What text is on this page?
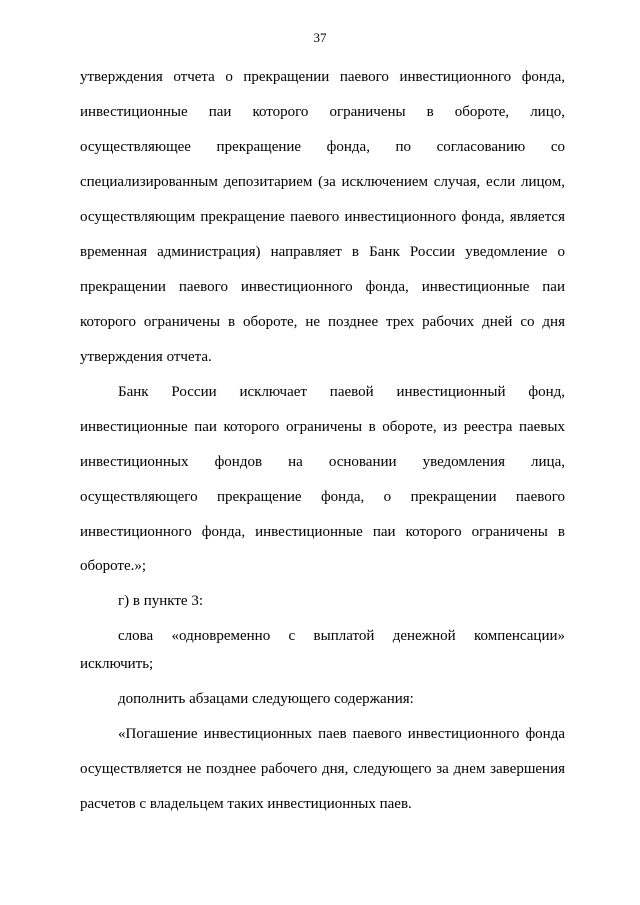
37
утверждения отчета о прекращении паевого инвестиционного фонда,
инвестиционные паи которого ограничены в обороте, лицо,
осуществляющее прекращение фонда, по согласованию со
специализированным депозитарием (за исключением случая, если лицом,
осуществляющим прекращение паевого инвестиционного фонда, является
временная администрация) направляет в Банк России уведомление о
прекращении паевого инвестиционного фонда, инвестиционные паи
которого ограничены в обороте, не позднее трех рабочих дней со дня
утверждения отчета.
Банк России исключает паевой инвестиционный фонд,
инвестиционные паи которого ограничены в обороте, из реестра паевых
инвестиционных фондов на основании уведомления лица,
осуществляющего прекращение фонда, о прекращении паевого
инвестиционного фонда, инвестиционные паи которого ограничены в
обороте.»;
г) в пункте 3:
слова «одновременно с выплатой денежной компенсации»
исключить;
дополнить абзацами следующего содержания:
«Погашение инвестиционных паев паевого инвестиционного фонда
осуществляется не позднее рабочего дня, следующего за днем завершения
расчетов с владельцем таких инвестиционных паев.
